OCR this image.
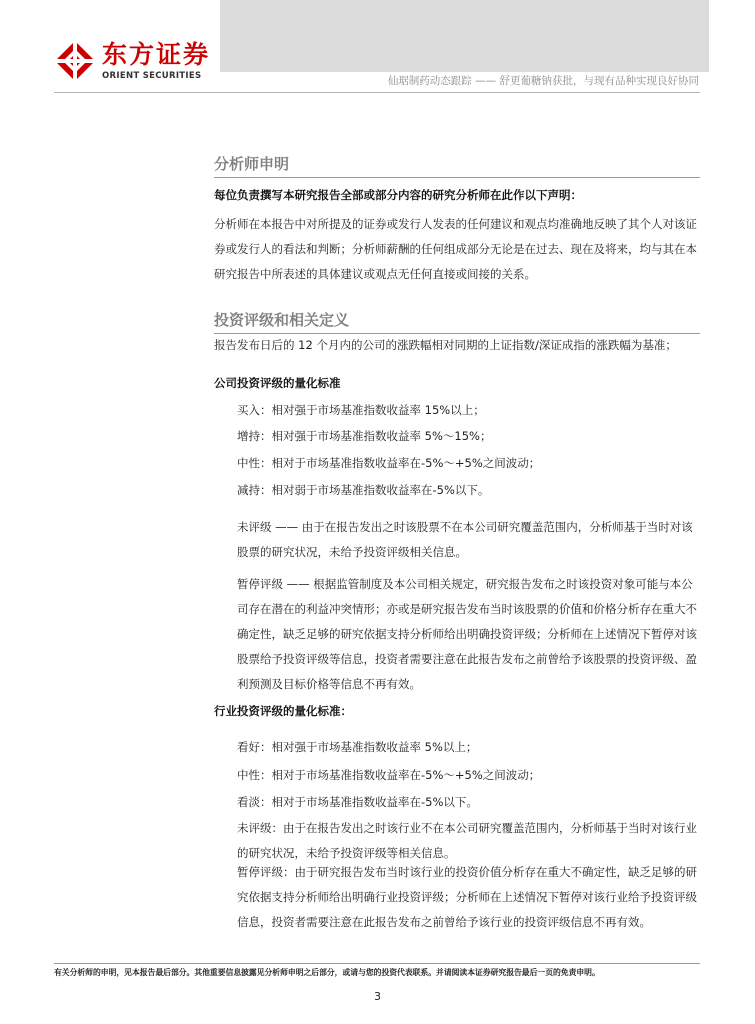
东方证券
ORIENT SECURITIES	仙琚制药动态跟踪 —— 舒更葡糖钠获批，与现有品种实现良好协同
分析师申明

每位负责撰写本研究报告全部或部分内容的研究分析师在此作以下声明：

分析师在本报告中对所提及的证券或发行人发表的任何建议和观点均准确地反映了其个人对该证券或发行人的看法和判断；分析师薪酬的任何组成部分无论是在过去、现在及将来，均与其在本研究报告中所表述的具体建议或观点无任何直接或间接的关系。

投资评级和相关定义

报告发布日后的 12 个月内的公司的涨跌幅相对同期的上证指数/深证成指的涨跌幅为基准；

公司投资评级的量化标准

买入：相对强于市场基准指数收益率 15%以上；

增持：相对强于市场基准指数收益率 5%～15%；

中性：相对于市场基准指数收益率在-5%～+5%之间波动；

减持：相对弱于市场基准指数收益率在-5%以下。

未评级 —— 由于在报告发出之时该股票不在本公司研究覆盖范围内，分析师基于当时对该股票的研究状况，未给予投资评级相关信息。

暂停评级 —— 根据监管制度及本公司相关规定，研究报告发布之时该投资对象可能与本公司存在潜在的利益冲突情形；亦或是研究报告发布当时该股票的价值和价格分析存在重大不确定性，缺乏足够的研究依据支持分析师给出明确投资评级；分析师在上述情况下暂停对该股票给予投资评级等信息，投资者需要注意在此报告发布之前曾给予该股票的投资评级、盈利预测及目标价格等信息不再有效。

行业投资评级的量化标准：

看好：相对强于市场基准指数收益率 5%以上；

中性：相对于市场基准指数收益率在-5%～+5%之间波动；

看淡：相对于市场基准指数收益率在-5%以下。

未评级：由于在报告发出之时该行业不在本公司研究覆盖范围内，分析师基于当时对该行业的研究状况，未给予投资评级等相关信息。

暂停评级：由于研究报告发布当时该行业的投资价值分析存在重大不确定性，缺乏足够的研究依据支持分析师给出明确行业投资评级；分析师在上述情况下暂停对该行业给予投资评级信息，投资者需要注意在此报告发布之前曾给予该行业的投资评级信息不再有效。

有关分析师的申明，见本报告最后部分。其他重要信息披露见分析师申明之后部分，或请与您的投资代表联系。并请阅读本证券研究报告最后一页的免责申明。
3
